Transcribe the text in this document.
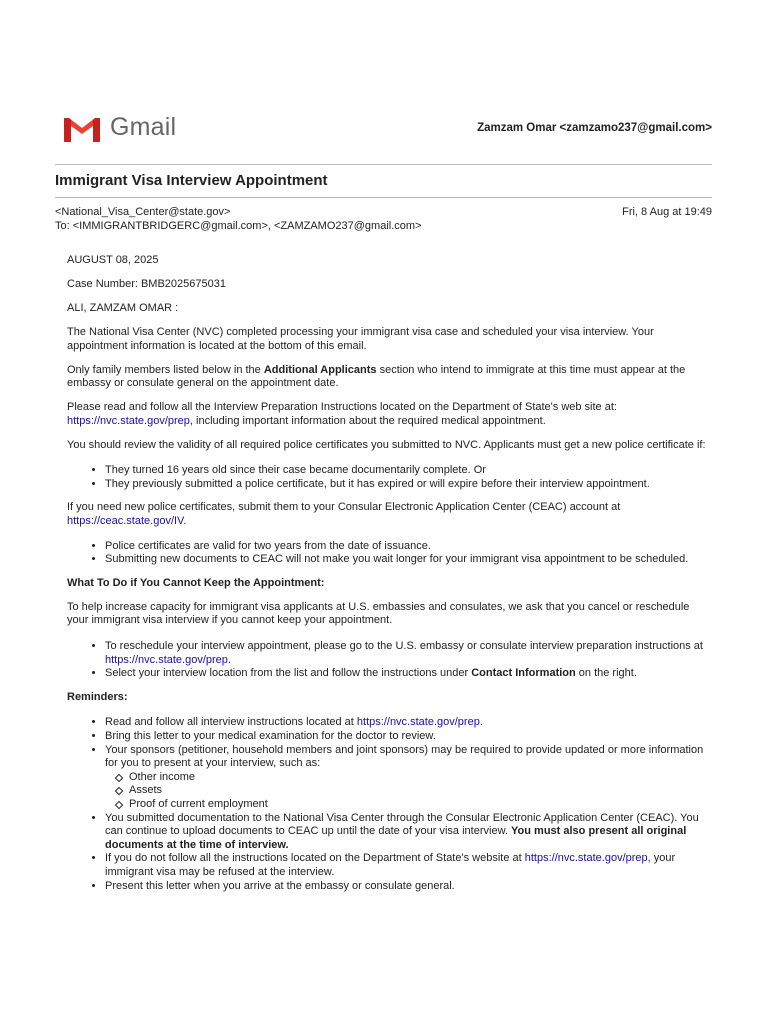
Gmail	Zamzam Omar <zamzamo237@gmail.com>
Immigrant Visa Interview Appointment
<National_Visa_Center@state.gov>	Fri, 8 Aug at 19:49
To: <IMMIGRANTBRIDGERC@gmail.com>, <ZAMZAMO237@gmail.com>

AUGUST 08, 2025

Case Number: BMB2025675031

ALI, ZAMZAM OMAR :

The National Visa Center (NVC) completed processing your immigrant visa case and scheduled your visa interview. Your appointment information is located at the bottom of this email.

Only family members listed below in the Additional Applicants section who intend to immigrate at this time must appear at the embassy or consulate general on the appointment date.

Please read and follow all the Interview Preparation Instructions located on the Department of State's web site at: https://nvc.state.gov/prep, including important information about the required medical appointment.

You should review the validity of all required police certificates you submitted to NVC. Applicants must get a new police certificate if:

• They turned 16 years old since their case became documentarily complete. Or
• They previously submitted a police certificate, but it has expired or will expire before their interview appointment.

If you need new police certificates, submit them to your Consular Electronic Application Center (CEAC) account at https://ceac.state.gov/IV.

• Police certificates are valid for two years from the date of issuance.
• Submitting new documents to CEAC will not make you wait longer for your immigrant visa appointment to be scheduled.

What To Do if You Cannot Keep the Appointment:

To help increase capacity for immigrant visa applicants at U.S. embassies and consulates, we ask that you cancel or reschedule your immigrant visa interview if you cannot keep your appointment.

• To reschedule your interview appointment, please go to the U.S. embassy or consulate interview preparation instructions at https://nvc.state.gov/prep.
• Select your interview location from the list and follow the instructions under Contact Information on the right.

Reminders:

• Read and follow all interview instructions located at https://nvc.state.gov/prep.
• Bring this letter to your medical examination for the doctor to review.
• Your sponsors (petitioner, household members and joint sponsors) may be required to provide updated or more information for you to present at your interview, such as:
Other income
Assets
Proof of current employment
• You submitted documentation to the National Visa Center through the Consular Electronic Application Center (CEAC). You can continue to upload documents to CEAC up until the date of your visa interview. You must also present all original documents at the time of interview.
• If you do not follow all the instructions located on the Department of State's website at https://nvc.state.gov/prep, your immigrant visa may be refused at the interview.
• Present this letter when you arrive at the embassy or consulate general.
